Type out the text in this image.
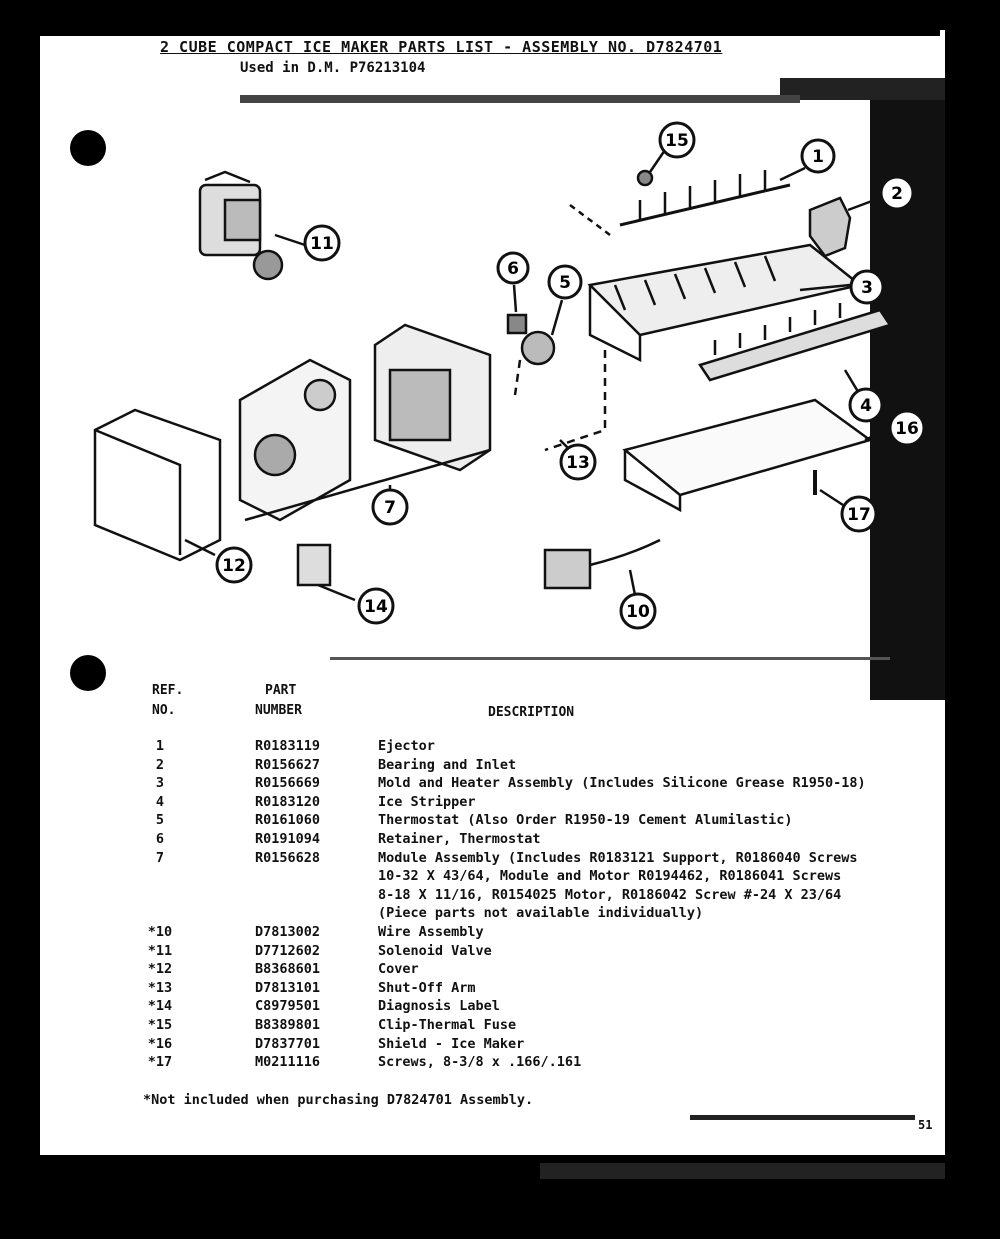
2 CUBE COMPACT ICE MAKER PARTS LIST - ASSEMBLY NO. D7824701
Used in D.M. P76213104
1
2
3
4
5
6
7
10
11
12
13
14
15
16
17
REF.
NO.
PART
NUMBER	DESCRIPTION
1	R0183119	Ejector
2	R0156627	Bearing and Inlet
3	R0156669	Mold and Heater Assembly (Includes Silicone Grease R1950-18)
4	R0183120	Ice Stripper
5	R0161060	Thermostat (Also Order R1950-19 Cement Alumilastic)
6	R0191094	Retainer, Thermostat
7	R0156628	Module Assembly (Includes R0183121 Support, R0186040 Screws
10-32 X 43/64, Module and Motor R0194462, R0186041 Screws
8-18 X 11/16, R0154025 Motor, R0186042 Screw #-24 X 23/64
(Piece parts not available individually)
*10	D7813002	Wire Assembly
*11	D7712602	Solenoid Valve
*12	B8368601	Cover
*13	D7813101	Shut-Off Arm
*14	C8979501	Diagnosis Label
*15	B8389801	Clip-Thermal Fuse
*16	D7837701	Shield - Ice Maker
*17	M0211116	Screws, 8-3/8 x .166/.161
*Not included when purchasing D7824701 Assembly.
51
